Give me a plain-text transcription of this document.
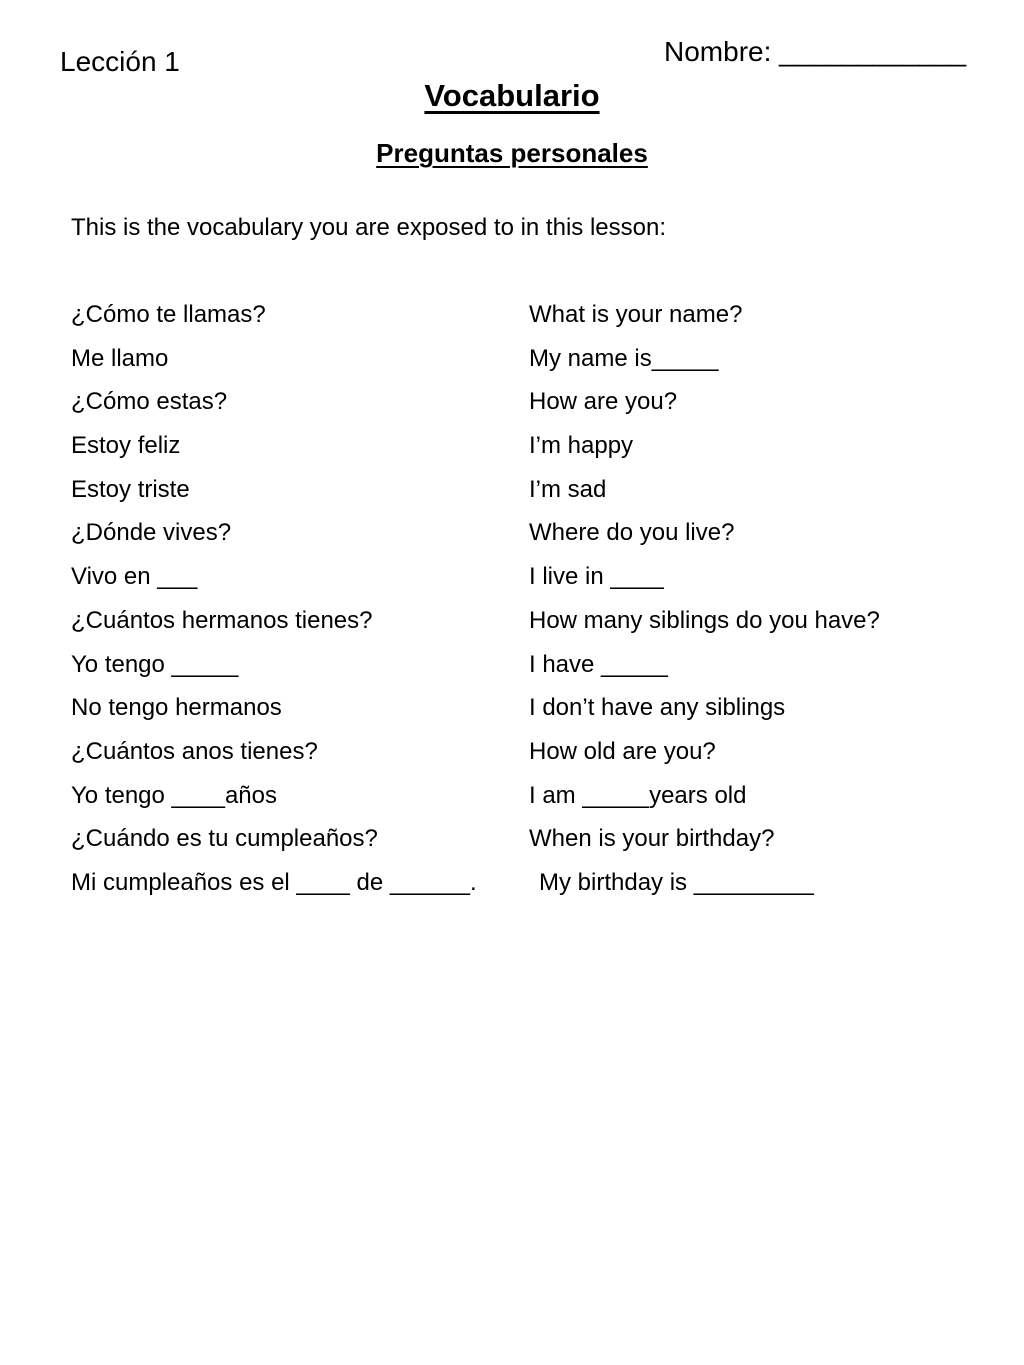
Lección 1	Nombre: ____________
Vocabulario
Preguntas personales
This is the vocabulary you are exposed to in this lesson:
¿Cómo te llamas?	What is your name?
Me llamo	My name is_____
¿Cómo estas?	How are you?
Estoy feliz	I’m happy
Estoy triste	I’m sad
¿Dónde vives?	Where do you live?
Vivo en ___	I live in ____
¿Cuántos hermanos tienes?	How many siblings do you have?
Yo tengo _____	I have _____
No tengo hermanos	I don’t have any siblings
¿Cuántos anos tienes?	How old are you?
Yo tengo ____años	I am _____years old
¿Cuándo es tu cumpleaños?	When is your birthday?
Mi cumpleaños es el ____ de ______.	My birthday is _________
